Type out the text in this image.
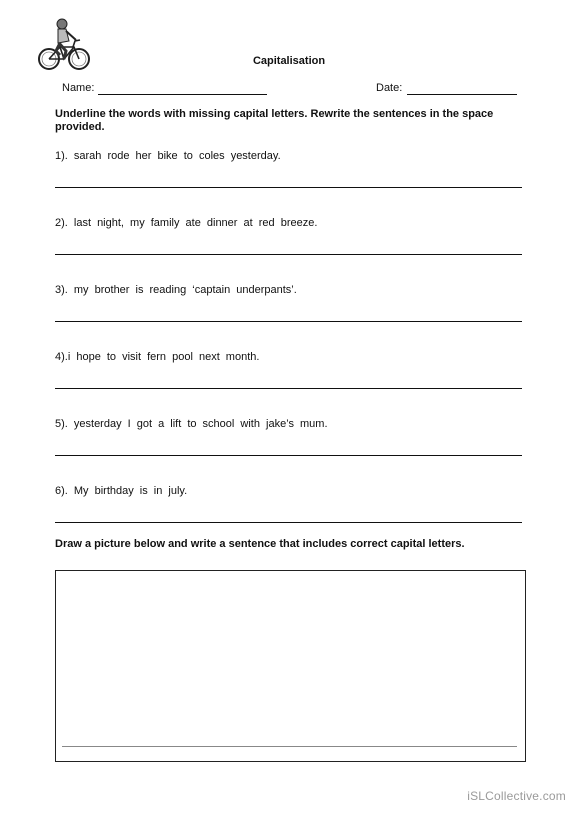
Capitalisation
Name:	Date:
Underline the words with missing capital letters. Rewrite the sentences in the space provided.
1). sarah rode her bike to coles yesterday.
2). last night, my family ate dinner at red breeze.
3). my brother is reading ‘captain underpants’.
4).i hope to visit fern pool next month.
5). yesterday I got a lift to school with jake’s mum.
6). My birthday is in july.
Draw a picture below and write a sentence that includes correct capital letters.
iSLCollective.com
